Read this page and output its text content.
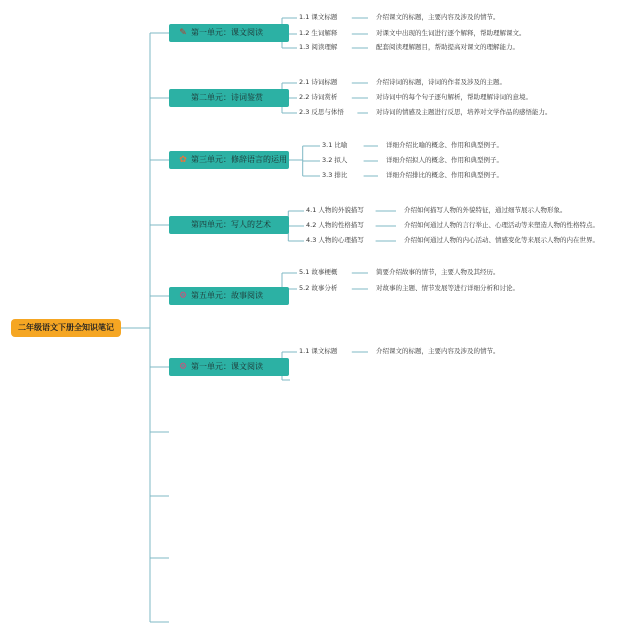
二年级语文下册全知识笔记
✎ 第一单元：课文阅读
1.1 课文标题	介绍课文的标题，主要内容及涉及的情节。
1.2 生词解释	对课文中出现的生词进行逐个解释，帮助理解课文。
1.3 阅读理解	配套阅读理解题目，帮助提高对课文的理解能力。
第二单元：诗词鉴赏
2.1 诗词标题	介绍诗词的标题，诗词的作者及涉及的主题。
2.2 诗词赏析	对诗词中的每个句子逐句解析，帮助理解诗词的意境。
2.3 反思与体悟	对诗词的情感及主题进行反思，培养对文学作品的感悟能力。
✿ 第三单元：修辞语言的运用
3.1 比喻	详细介绍比喻的概念、作用和典型例子。
3.2 拟人	详细介绍拟人的概念、作用和典型例子。
3.3 排比	详细介绍排比的概念、作用和典型例子。
第四单元：写人的艺术
4.1 人物的外貌描写	介绍如何描写人物的外貌特征，通过细节展示人物形象。
4.2 人物的性格描写	介绍如何通过人物的言行举止、心理活动等来塑造人物的性格特点。
4.3 人物的心理描写	介绍如何通过人物的内心活动、情感变化等来展示人物的内在世界。
⚙ 第五单元：故事阅读
5.1 故事梗概	简要介绍故事的情节，主要人物及其经历。
5.2 故事分析	对故事的主题、情节发展等进行详细分析和讨论。
⚙ 第一单元：课文阅读
1.1 课文标题	介绍课文的标题，主要内容及涉及的情节。
